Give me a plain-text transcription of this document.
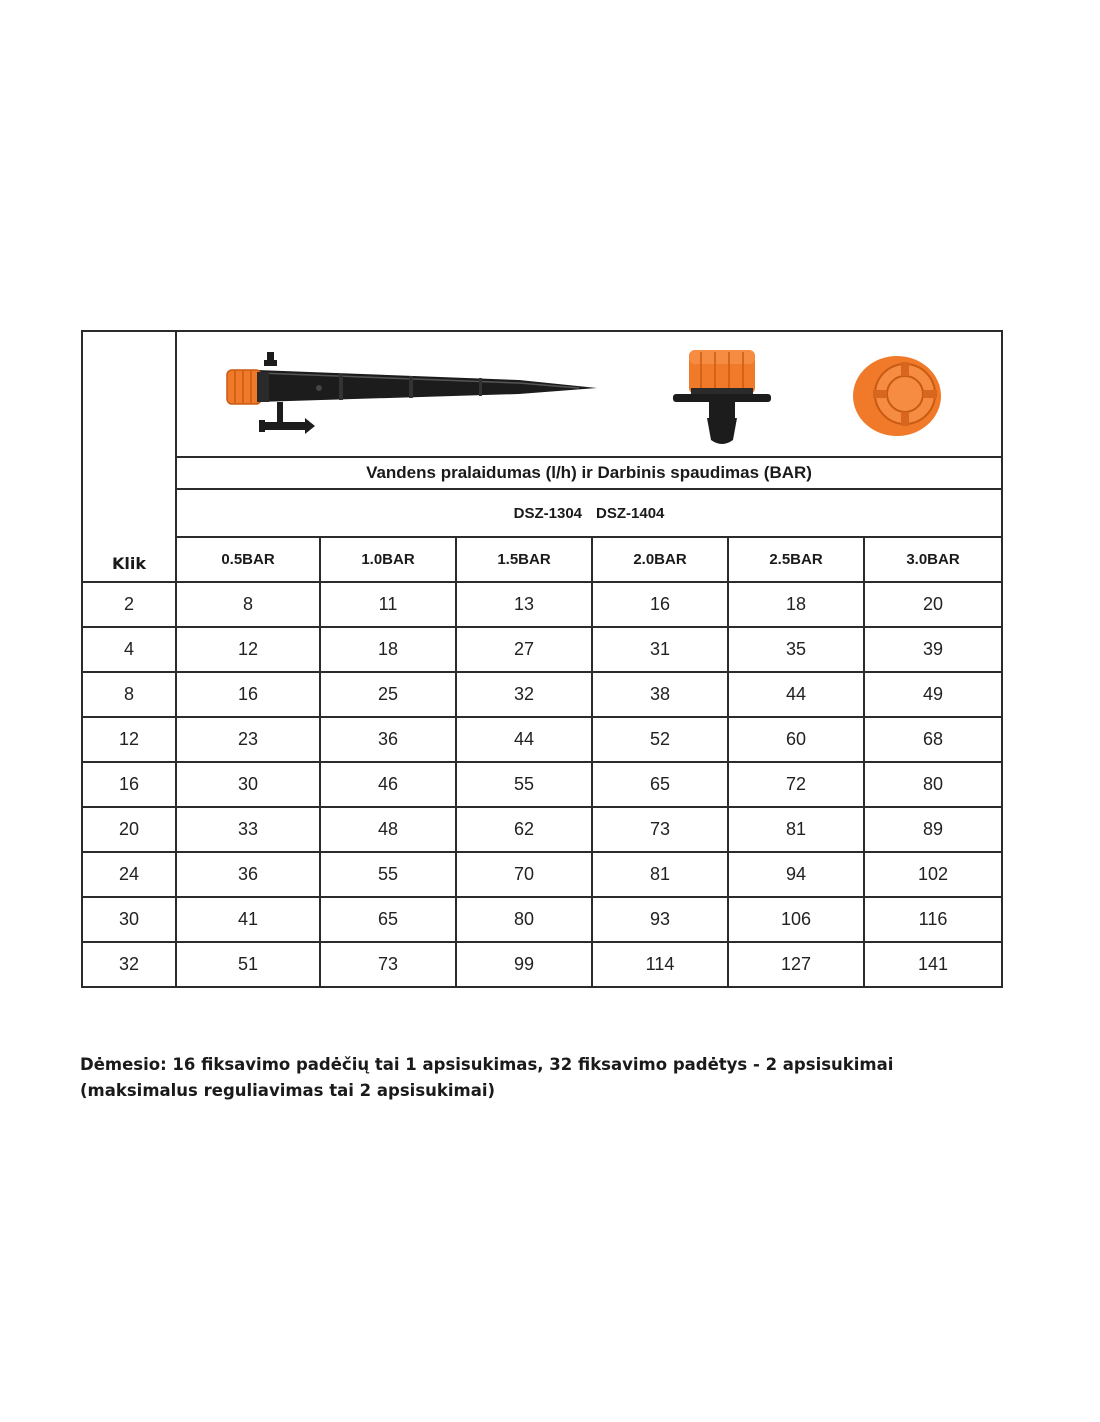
Klik

	Vandens pralaidumas (l/h) ir Darbinis spaudimas (BAR)					
	DSZ-1304 DSZ-1404					
	0.5BAR	1.0BAR	1.5BAR	2.0BAR	2.5BAR	3.0BAR
2	8	11	13	16	18	20
4	12	18	27	31	35	39
8	16	25	32	38	44	49
12	23	36	44	52	60	68
16	30	46	55	65	72	80
20	33	48	62	73	81	89
24	36	55	70	81	94	102
30	41	65	80	93	106	116
32	51	73	99	114	127	141
Dėmesio: 16 fiksavimo padėčių tai 1 apsisukimas, 32 fiksavimo padėtys - 2 apsisukimai (maksimalus reguliavimas tai 2 apsisukimai)
